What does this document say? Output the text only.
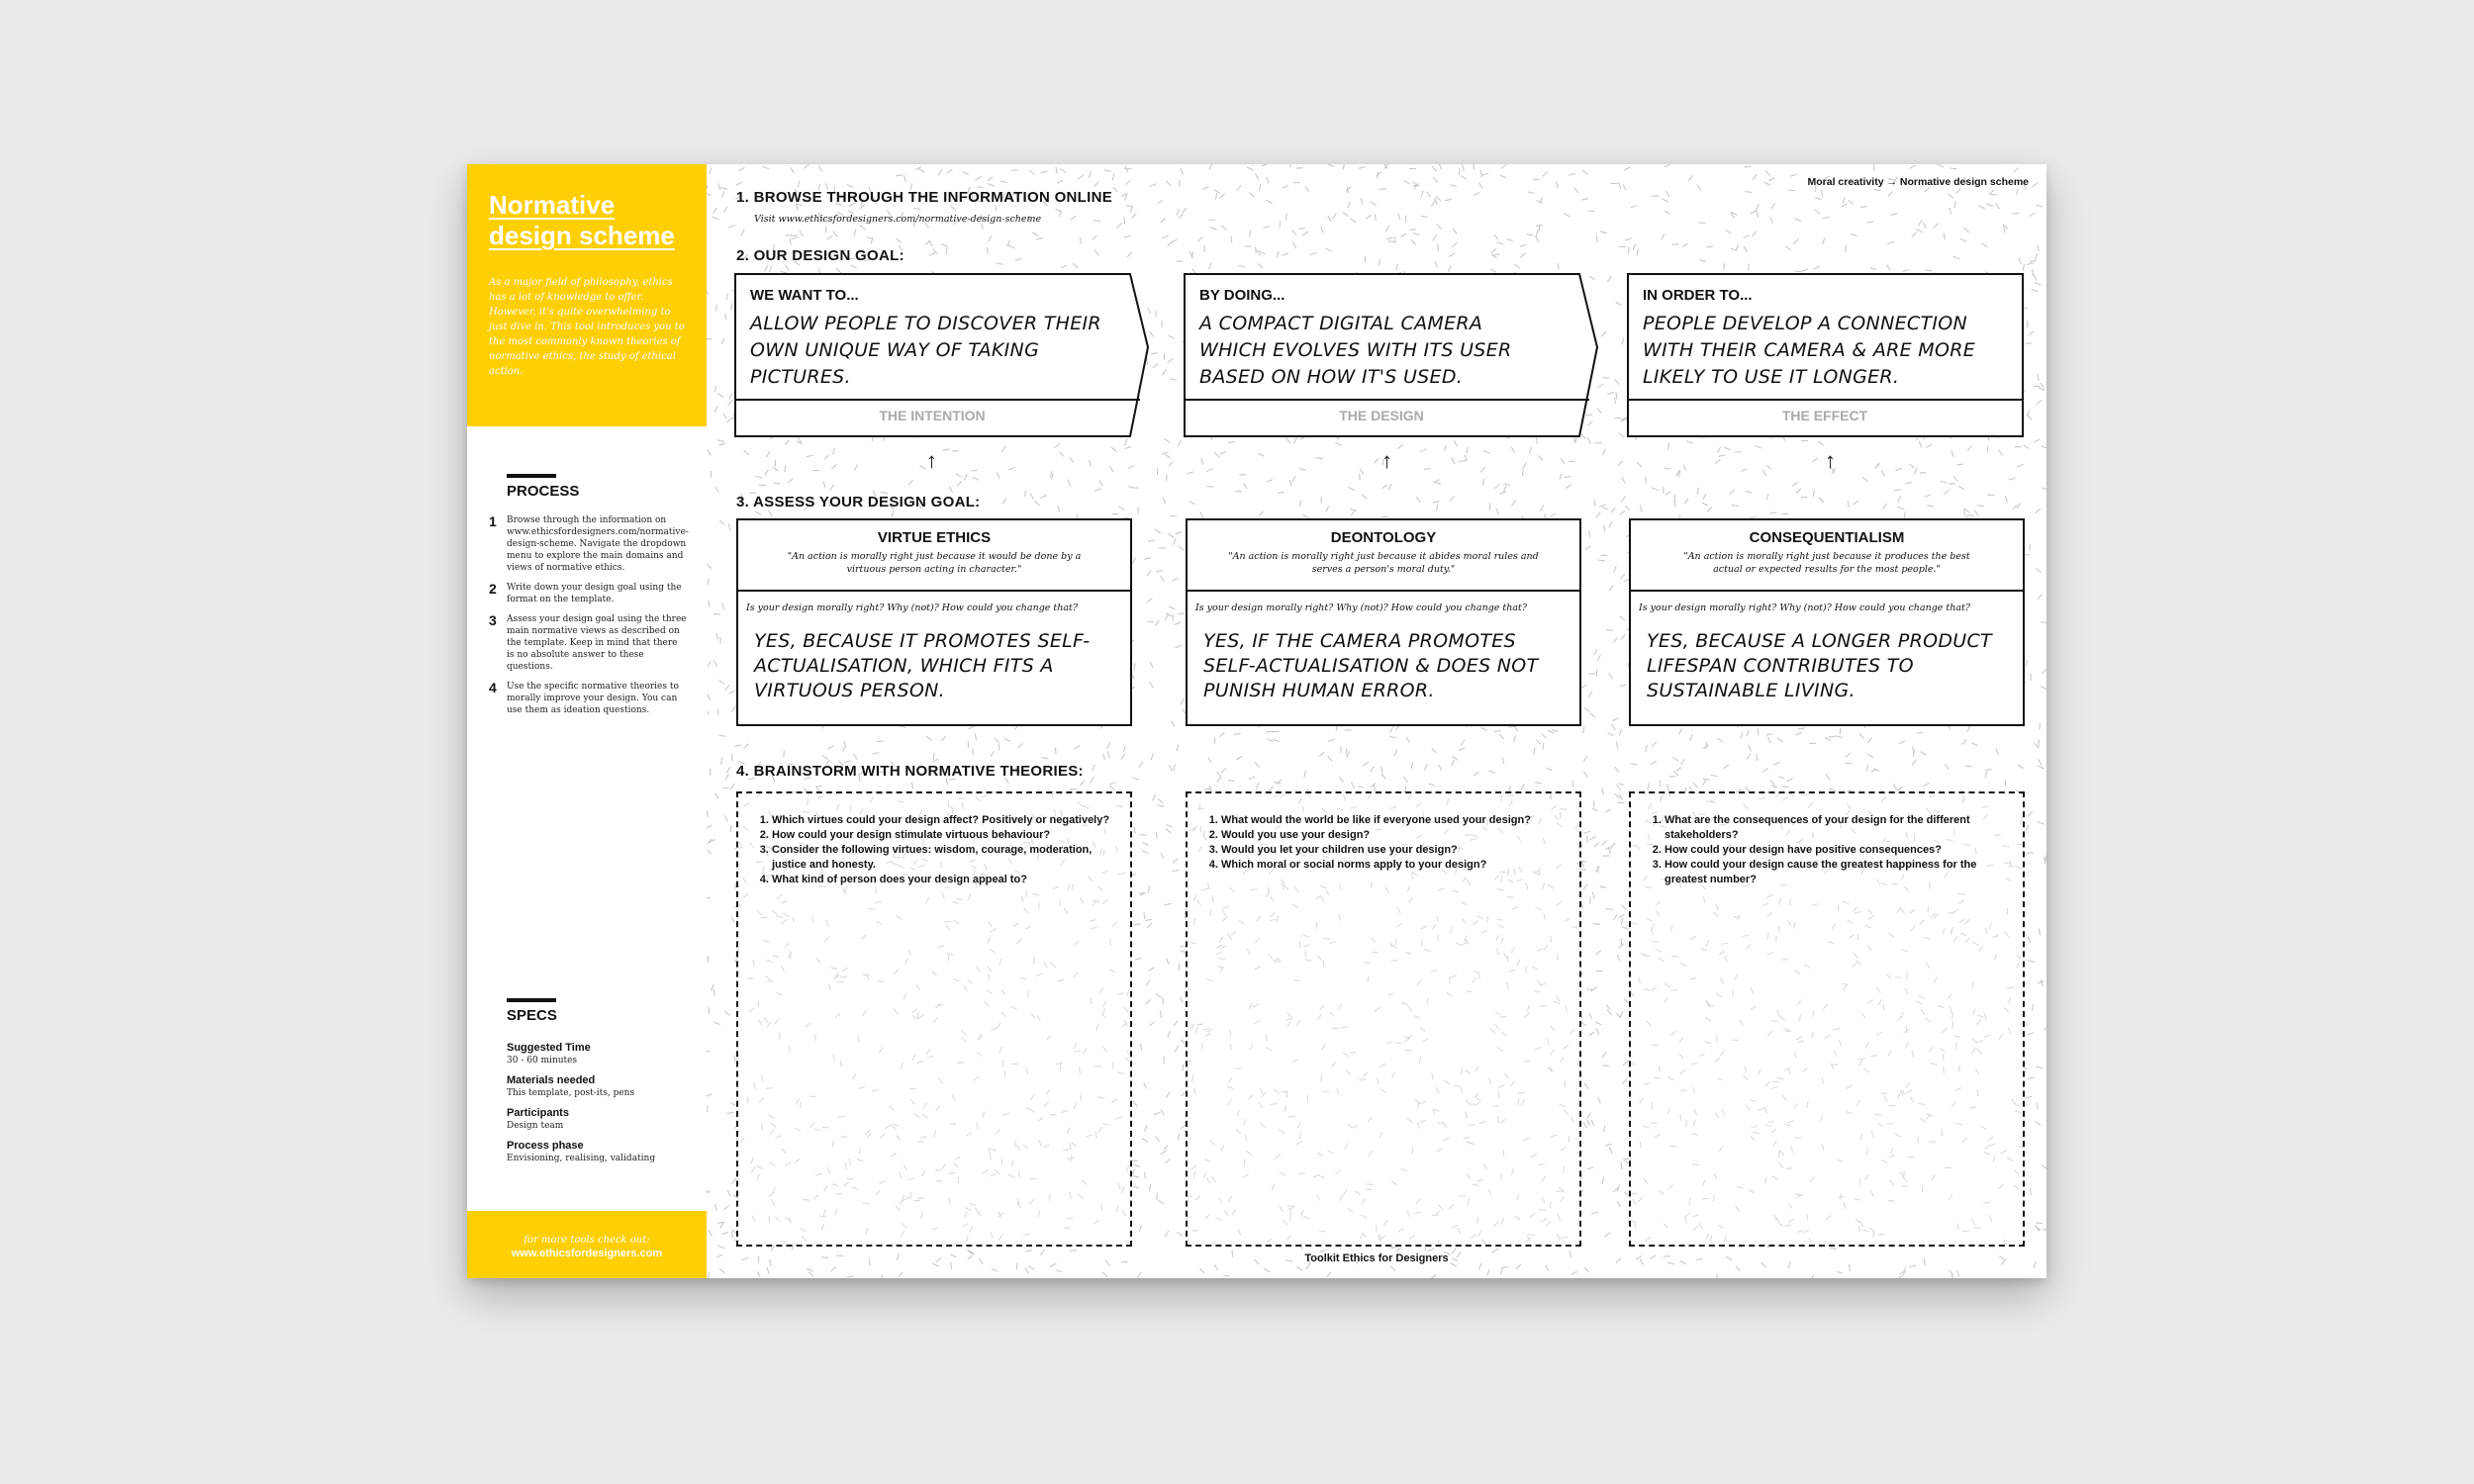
Normative design scheme
As a major field of philosophy, ethics has a lot of knowledge to offer. However, it's quite overwhelming to just dive in. This tool introduces you to the most commonly known theories of normative ethics, the study of ethical action.
PROCESS
1	Browse through the information on www.ethicsfordesigners.com/normative-design-scheme. Navigate the dropdown menu to explore the main domains and views of normative ethics.
2	Write down your design goal using the format on the template.
3	Assess your design goal using the three main normative views as described on the template. Keep in mind that there is no absolute answer to these questions.
4	Use the specific normative theories to morally improve your design. You can use them as ideation questions.
SPECS
Suggested Time
30 - 60 minutes
Materials needed
This template, post-its, pens
Participants
Design team
Process phase
Envisioning, realising, validating
for more tools check out:
www.ethicsfordesigners.com
Moral creativity → Normative design scheme
1. BROWSE THROUGH THE INFORMATION ONLINE
Visit www.ethicsfordesigners.com/normative-design-scheme
2. OUR DESIGN GOAL:
WE WANT TO...
ALLOW PEOPLE TO DISCOVER THEIR OWN UNIQUE WAY OF TAKING PICTURES.
THE INTENTION
BY DOING...
A COMPACT DIGITAL CAMERA WHICH EVOLVES WITH ITS USER BASED ON HOW IT'S USED.
THE DESIGN
IN ORDER TO...
PEOPLE DEVELOP A CONNECTION WITH THEIR CAMERA & ARE MORE LIKELY TO USE IT LONGER.
THE EFFECT
↑	↑	↑
3. ASSESS YOUR DESIGN GOAL:
VIRTUE ETHICS
"An action is morally right just because it would be done by a virtuous person acting in character."
Is your design morally right? Why (not)? How could you change that?
YES, BECAUSE IT PROMOTES SELF-ACTUALISATION, WHICH FITS A VIRTUOUS PERSON.
DEONTOLOGY
"An action is morally right just because it abides moral rules and serves a person's moral duty."
Is your design morally right? Why (not)? How could you change that?
YES, IF THE CAMERA PROMOTES SELF-ACTUALISATION & DOES NOT PUNISH HUMAN ERROR.
CONSEQUENTIALISM
"An action is morally right just because it produces the best actual or expected results for the most people."
Is your design morally right? Why (not)? How could you change that?
YES, BECAUSE A LONGER PRODUCT LIFESPAN CONTRIBUTES TO SUSTAINABLE LIVING.
4. BRAINSTORM WITH NORMATIVE THEORIES:
1. Which virtues could your design affect? Positively or negatively?
2. How could your design stimulate virtuous behaviour?
3. Consider the following virtues: wisdom, courage, moderation, justice and honesty.
4. What kind of person does your design appeal to?
1. What would the world be like if everyone used your design?
2. Would you use your design?
3. Would you let your children use your design?
4. Which moral or social norms apply to your design?
1. What are the consequences of your design for the different stakeholders?
2. How could your design have positive consequences?
3. How could your design cause the greatest happiness for the greatest number?
Toolkit Ethics for Designers
